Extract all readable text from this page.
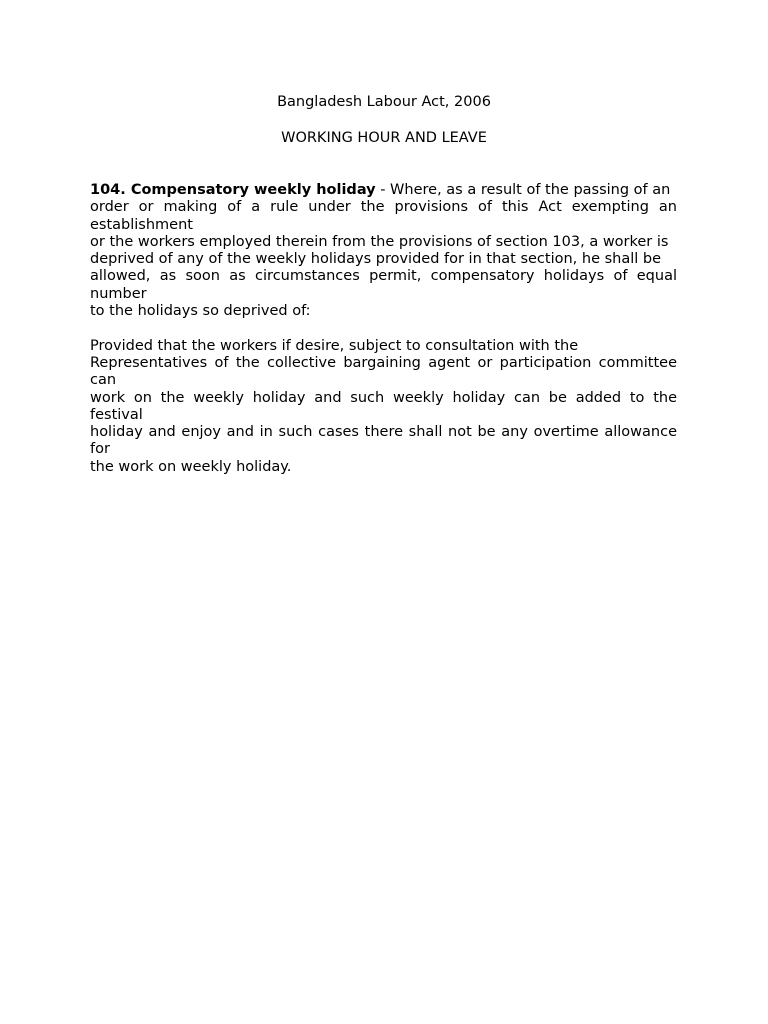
Bangladesh Labour Act, 2006
WORKING HOUR AND LEAVE
104. Compensatory weekly holiday - Where, as a result of the passing of an
order or making of a rule under the provisions of this Act exempting an
establishment
or the workers employed therein from the provisions of section 103, a worker is
deprived of any of the weekly holidays provided for in that section, he shall be
allowed, as soon as circumstances permit, compensatory holidays of equal
number
to the holidays so deprived of:
Provided that the workers if desire, subject to consultation with the
Representatives of the collective bargaining agent or participation committee
can
work on the weekly holiday and such weekly holiday can be added to the
festival
holiday and enjoy and in such cases there shall not be any overtime allowance
for
the work on weekly holiday.
